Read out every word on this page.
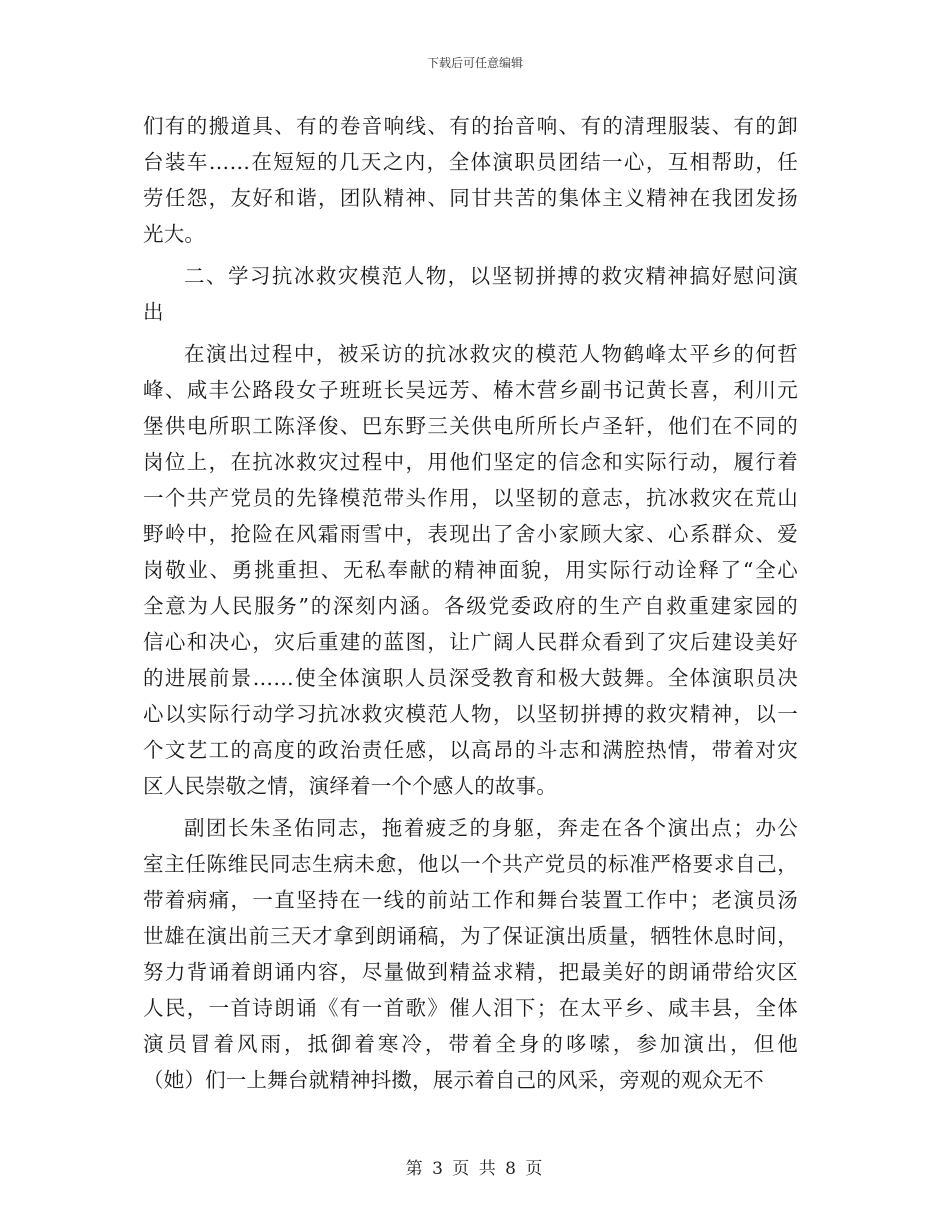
下载后可任意编辑
们有的搬道具、有的卷音响线、有的抬音响、有的清理服装、有的卸
台装车……在短短的几天之内，全体演职员团结一心，互相帮助，任
劳任怨，友好和谐，团队精神、同甘共苦的集体主义精神在我团发扬
光大。
二、学习抗冰救灾模范人物，以坚韧拼搏的救灾精神搞好慰问演
出
在演出过程中，被采访的抗冰救灾的模范人物鹤峰太平乡的何哲
峰、咸丰公路段女子班班长吴远芳、椿木营乡副书记黄长喜，利川元
堡供电所职工陈泽俊、巴东野三关供电所所长卢圣轩，他们在不同的
岗位上，在抗冰救灾过程中，用他们坚定的信念和实际行动，履行着
一个共产党员的先锋模范带头作用，以坚韧的意志，抗冰救灾在荒山
野岭中，抢险在风霜雨雪中，表现出了舍小家顾大家、心系群众、爱
岗敬业、勇挑重担、无私奉献的精神面貌，用实际行动诠释了“全心
全意为人民服务”的深刻内涵。各级党委政府的生产自救重建家园的
信心和决心，灾后重建的蓝图，让广阔人民群众看到了灾后建设美好
的进展前景……使全体演职人员深受教育和极大鼓舞。全体演职员决
心以实际行动学习抗冰救灾模范人物，以坚韧拼搏的救灾精神，以一
个文艺工的高度的政治责任感，以高昂的斗志和满腔热情，带着对灾
区人民崇敬之情，演绎着一个个感人的故事。
副团长朱圣佑同志，拖着疲乏的身躯，奔走在各个演出点；办公
室主任陈维民同志生病未愈，他以一个共产党员的标准严格要求自己，
带着病痛，一直坚持在一线的前站工作和舞台装置工作中；老演员汤
世雄在演出前三天才拿到朗诵稿，为了保证演出质量，牺牲休息时间，
努力背诵着朗诵内容，尽量做到精益求精，把最美好的朗诵带给灾区
人民，一首诗朗诵《有一首歌》催人泪下；在太平乡、咸丰县，全体
演员冒着风雨，抵御着寒冷，带着全身的哆嗦，参加演出，但他
（她）们一上舞台就精神抖擞，展示着自己的风采，旁观的观众无不
第 3 页 共 8 页
